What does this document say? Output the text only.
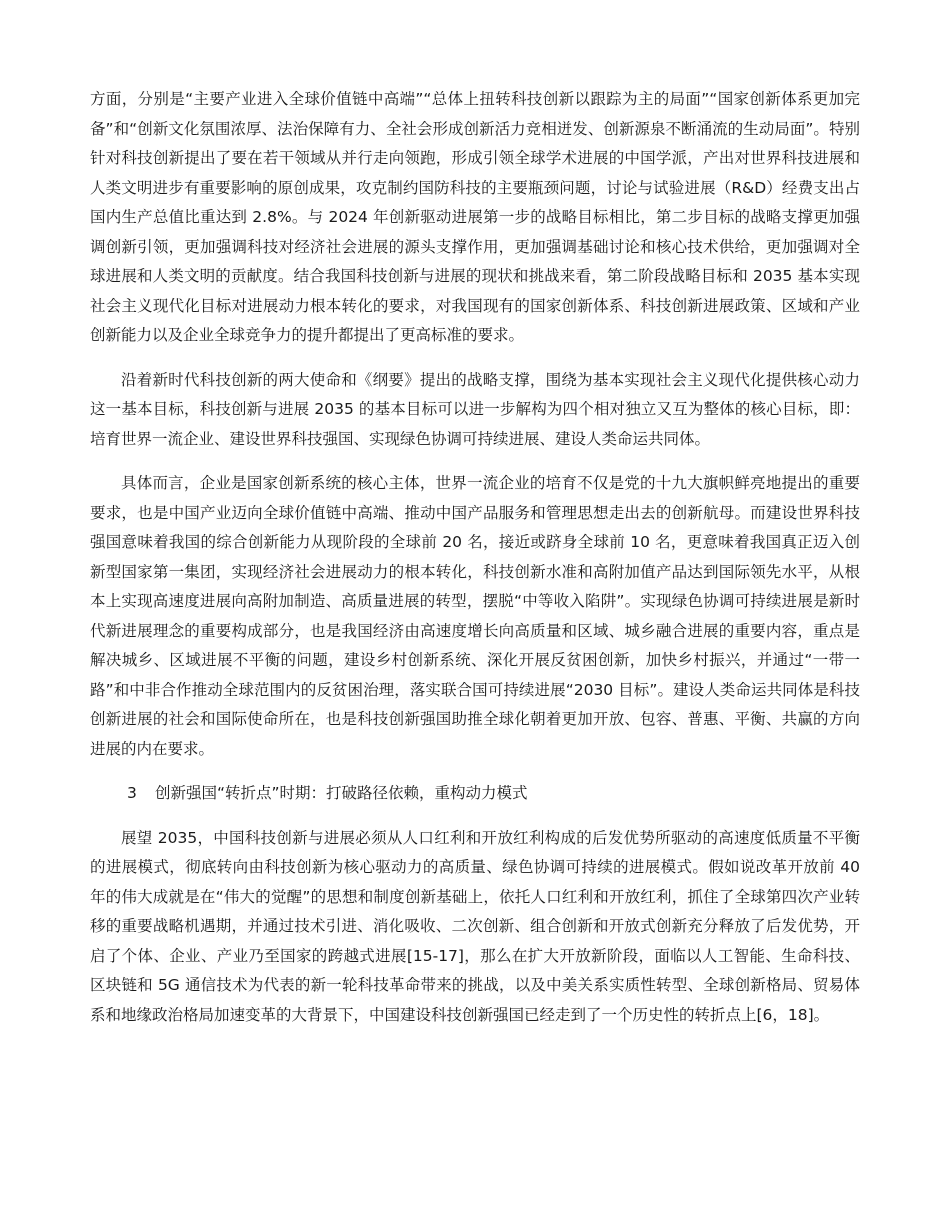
方面，分别是“主要产业进入全球价值链中高端”“总体上扭转科技创新以跟踪为主的局面”“国家创新体系更加完备”和“创新文化氛围浓厚、法治保障有力、全社会形成创新活力竞相迸发、创新源泉不断涌流的生动局面”。特别针对科技创新提出了要在若干领域从并行走向领跑，形成引领全球学术进展的中国学派，产出对世界科技进展和人类文明进步有重要影响的原创成果，攻克制约国防科技的主要瓶颈问题，讨论与试验进展（R&D）经费支出占国内生产总值比重达到 2.8%。与 2024 年创新驱动进展第一步的战略目标相比，第二步目标的战略支撑更加强调创新引领，更加强调科技对经济社会进展的源头支撑作用，更加强调基础讨论和核心技术供给，更加强调对全球进展和人类文明的贡献度。结合我国科技创新与进展的现状和挑战来看，第二阶段战略目标和 2035 基本实现社会主义现代化目标对进展动力根本转化的要求，对我国现有的国家创新体系、科技创新进展政策、区域和产业创新能力以及企业全球竞争力的提升都提出了更高标准的要求。

沿着新时代科技创新的两大使命和《纲要》提出的战略支撑，围绕为基本实现社会主义现代化提供核心动力这一基本目标，科技创新与进展 2035 的基本目标可以进一步解构为四个相对独立又互为整体的核心目标，即：培育世界一流企业、建设世界科技强国、实现绿色协调可持续进展、建设人类命运共同体。

具体而言，企业是国家创新系统的核心主体，世界一流企业的培育不仅是党的十九大旗帜鲜亮地提出的重要要求，也是中国产业迈向全球价值链中高端、推动中国产品服务和管理思想走出去的创新航母。而建设世界科技强国意味着我国的综合创新能力从现阶段的全球前 20 名，接近或跻身全球前 10 名，更意味着我国真正迈入创新型国家第一集团，实现经济社会进展动力的根本转化，科技创新水准和高附加值产品达到国际领先水平，从根本上实现高速度进展向高附加制造、高质量进展的转型，摆脱“中等收入陷阱”。实现绿色协调可持续进展是新时代新进展理念的重要构成部分，也是我国经济由高速度增长向高质量和区域、城乡融合进展的重要内容，重点是解决城乡、区域进展不平衡的问题，建设乡村创新系统、深化开展反贫困创新，加快乡村振兴，并通过“一带一路”和中非合作推动全球范围内的反贫困治理，落实联合国可持续进展“2030 目标”。建设人类命运共同体是科技创新进展的社会和国际使命所在，也是科技创新强国助推全球化朝着更加开放、包容、普惠、平衡、共赢的方向进展的内在要求。

3 创新强国“转折点”时期：打破路径依赖，重构动力模式

展望 2035，中国科技创新与进展必须从人口红利和开放红利构成的后发优势所驱动的高速度低质量不平衡的进展模式，彻底转向由科技创新为核心驱动力的高质量、绿色协调可持续的进展模式。假如说改革开放前 40 年的伟大成就是在“伟大的觉醒”的思想和制度创新基础上，依托人口红利和开放红利，抓住了全球第四次产业转移的重要战略机遇期，并通过技术引进、消化吸收、二次创新、组合创新和开放式创新充分释放了后发优势，开启了个体、企业、产业乃至国家的跨越式进展[15-17]，那么在扩大开放新阶段，面临以人工智能、生命科技、区块链和 5G 通信技术为代表的新一轮科技革命带来的挑战，以及中美关系实质性转型、全球创新格局、贸易体系和地缘政治格局加速变革的大背景下，中国建设科技创新强国已经走到了一个历史性的转折点上[6，18]。
